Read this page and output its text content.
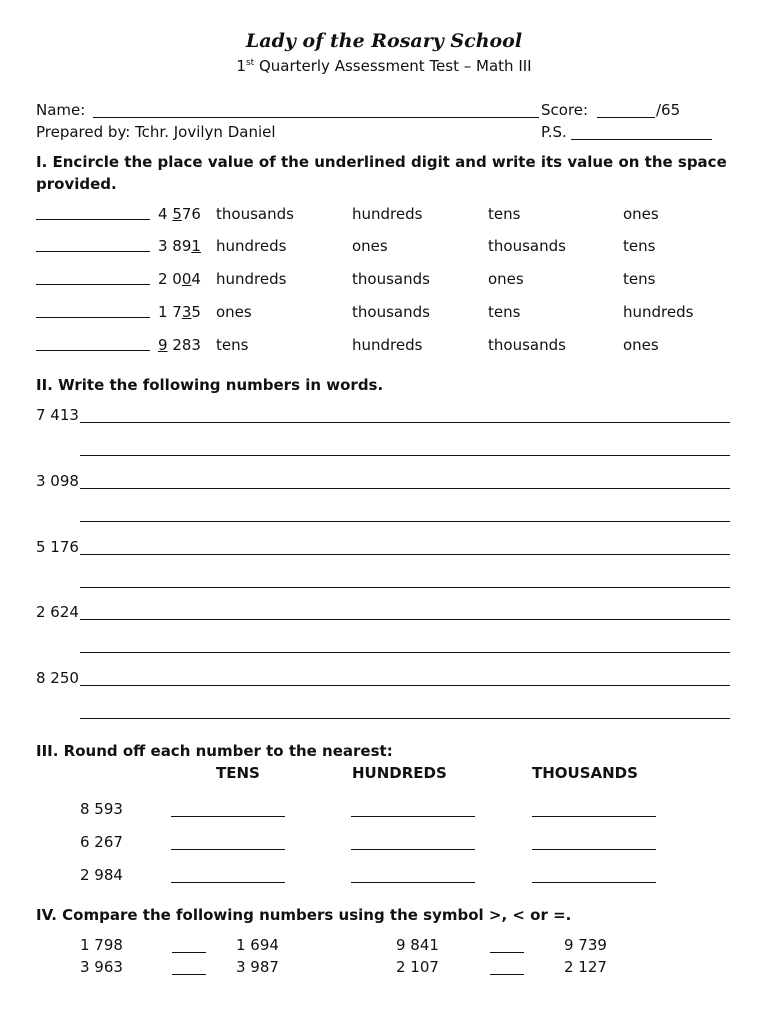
Lady of the Rosary School
1st Quarterly Assessment Test – Math III
Name:	Score:	/65
Prepared by: Tchr. Jovilyn Daniel	P.S.
I. Encircle the place value of the underlined digit and write its value on the space
provided.
4 576 thousands	hundreds	tens	ones
3 891 hundreds	ones	thousands	tens
2 004 hundreds	thousands	ones	tens
1 735 ones	thousands	tens	hundreds
9 283 tens	hundreds	thousands	ones
II. Write the following numbers in words.
7 413
3 098
5 176
2 624
8 250
III. Round off each number to the nearest:
TENS	HUNDREDS	THOUSANDS
8 593
6 267
2 984
IV. Compare the following numbers using the symbol >, < or =.
1 798	1 694	9 841	9 739
3 963	3 987	2 107	2 127
